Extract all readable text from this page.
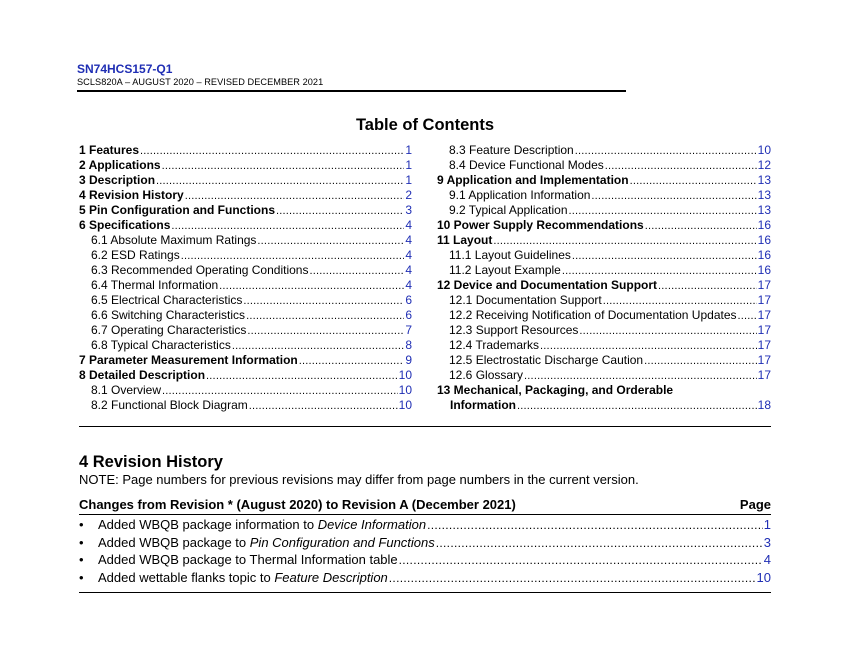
SN74HCS157-Q1
SCLS820A – AUGUST 2020 – REVISED DECEMBER 2021
Table of Contents
1 Features .....	1
2 Applications .....	1
3 Description .....	1
4 Revision History .....	2
5 Pin Configuration and Functions .....	3
6 Specifications .....	4
6.1 Absolute Maximum Ratings .....	4
6.2 ESD Ratings .....	4
6.3 Recommended Operating Conditions .....	4
6.4 Thermal Information .....	4
6.5 Electrical Characteristics .....	6
6.6 Switching Characteristics .....	6
6.7 Operating Characteristics .....	7
6.8 Typical Characteristics .....	8
7 Parameter Measurement Information .....	9
8 Detailed Description .....	10
8.1 Overview .....	10
8.2 Functional Block Diagram .....	10
8.3 Feature Description .....	10
8.4 Device Functional Modes .....	12
9 Application and Implementation .....	13
9.1 Application Information .....	13
9.2 Typical Application .....	13
10 Power Supply Recommendations .....	16
11 Layout .....	16
11.1 Layout Guidelines .....	16
11.2 Layout Example .....	16
12 Device and Documentation Support .....	17
12.1 Documentation Support .....	17
12.2 Receiving Notification of Documentation Updates ..... 17
12.3 Support Resources .....	17
12.4 Trademarks .....	17
12.5 Electrostatic Discharge Caution .....	17
12.6 Glossary .....	17
13 Mechanical, Packaging, and Orderable
Information .....	18
4 Revision History
NOTE: Page numbers for previous revisions may differ from page numbers in the current version.
Changes from Revision * (August 2020) to Revision A (December 2021)	Page
•	Added WBQB package information to Device Information .....	1
•	Added WBQB package to Pin Configuration and Functions .....	3
•	Added WBQB package to Thermal Information table .....	4
•	Added wettable flanks topic to Feature Description .....	10
